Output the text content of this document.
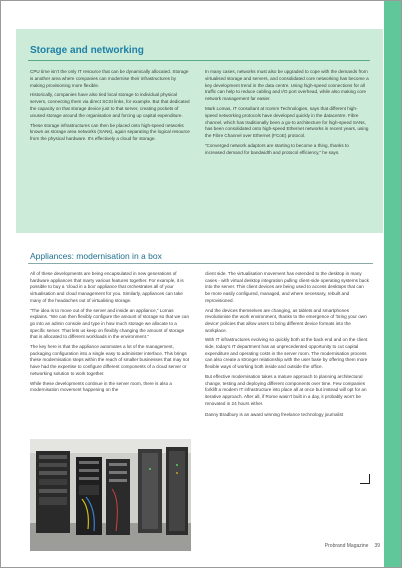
Storage and networking

CPU time isn’t the only IT resource that can be dynamically allocated. Storage is another area where companies can modernise their infrastructures by making provisioning more flexible.

Historically, companies have also tied local storage to individual physical servers, connecting them via direct SCSI links, for example. But that dedicated the capacity on that storage device just to that server, creating pockets of unused storage around the organisation and forcing up capital expenditure.

These storage infrastructures can then be placed onto high-speed networks known as storage area networks (SANs), again separating the logical resource from the physical hardware. It’s effectively a cloud for storage.

In many cases, networks must also be upgraded to cope with the demands from virtualised storage and servers, and consolidated core networking has become a key development trend in the data centre. Using high-speed connections for all traffic can help to reduce cabling and I/O port overhead, while also making core network management far easier.

Mark Lomas, IT consultant at Icomm Technologies, says that different high-speed networking protocols have developed quickly in the datacentre. Fibre channel, which has traditionally been a go-to architecture for high-speed SANs, has been consolidated onto high-speed Ethernet networks in recent years, using the Fibre Channel over Ethernet (FCoE) protocol.

“Converged network adaptors are starting to become a thing, thanks to increased demand for bandwidth and protocol efficiency,” he says.

Appliances: modernisation in a box

All of these developments are being encapsulated in new generations of hardware appliances that marry various features together. For example, it is possible to buy a ‘cloud in a box’ appliance that orchestrates all of your virtualisation and cloud management for you. Similarly, appliances can take many of the headaches out of virtualising storage.

“The idea is to move out of the server and inside an appliance,” Lomas explains. “We can then flexibly configure the amount of storage so that we can go into an admin console and type in how much storage we allocate to a specific server. That lets us keep on flexibly changing the amount of storage that is allocated to different workloads in the environment.”

The key here is that the appliance automates a lot of the management, packaging configuration into a single easy to administer interface. This brings these modernisation steps within the reach of smaller businesses that may not have had the expertise to configure different components of a cloud server or networking solution to work together.

While these developments continue in the server room, there is also a modernisation movement happening on the

client side. The virtualisation movement has extended to the desktop in many cases - with virtual desktop integration pulling client-side operating systems back into the server. Thin client devices are being used to access desktops that can be more easily configured, managed, and where necessary, rebuilt and reprovisioned.

And the devices themselves are changing, as tablets and smartphones revolutionise the work environment, thanks to the emergence of ‘bring your own device’ policies that allow users to bring different device formats into the workplace.

With IT infrastructures evolving so quickly both at the back end and on the client side, today’s IT department has an unprecedented opportunity to cut capital expenditure and operating costs in the server room. The modernisation process can also create a stronger relationship with the user base by offering them more flexible ways of working both inside and outside the office.

But effective modernisation takes a mature approach to planning architectural change, testing and deploying different components over time. Few companies forklift a modern IT infrastructure into place all at once but instead will opt for an iterative approach. After all, if Rome wasn’t built in a day, it probably won’t be renovated in 24 hours either.

Danny Bradbury is an award winning freelance technology journalist

Probrand Magazine 39
